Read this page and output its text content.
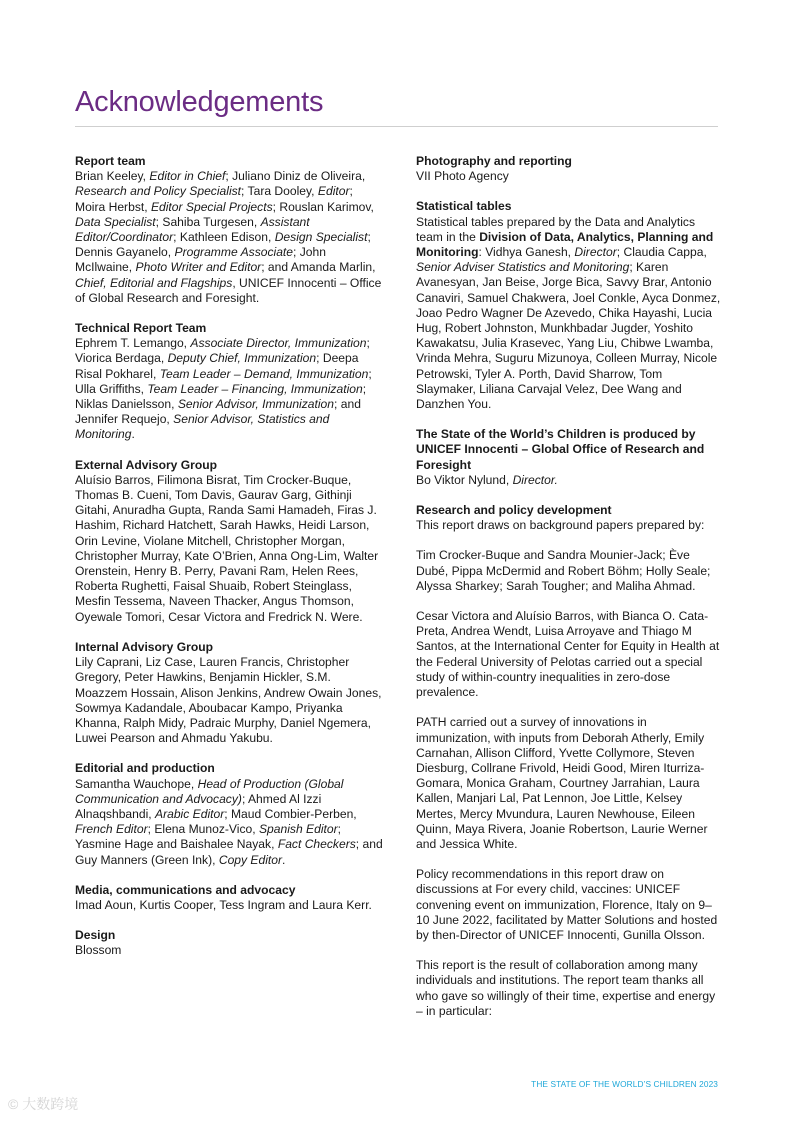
Acknowledgements
Report team
Brian Keeley, Editor in Chief; Juliano Diniz de Oliveira, Research and Policy Specialist; Tara Dooley, Editor; Moira Herbst, Editor Special Projects; Rouslan Karimov, Data Specialist; Sahiba Turgesen, Assistant Editor/Coordinator; Kathleen Edison, Design Specialist; Dennis Gayanelo, Programme Associate; John McIlwaine, Photo Writer and Editor; and Amanda Marlin, Chief, Editorial and Flagships, UNICEF Innocenti – Office of Global Research and Foresight.
Technical Report Team
Ephrem T. Lemango, Associate Director, Immunization; Viorica Berdaga, Deputy Chief, Immunization; Deepa Risal Pokharel, Team Leader – Demand, Immunization; Ulla Griffiths, Team Leader – Financing, Immunization; Niklas Danielsson, Senior Advisor, Immunization; and Jennifer Requejo, Senior Advisor, Statistics and Monitoring.
External Advisory Group
Aluísio Barros, Filimona Bisrat, Tim Crocker-Buque, Thomas B. Cueni, Tom Davis, Gaurav Garg, Githinji Gitahi, Anuradha Gupta, Randa Sami Hamadeh, Firas J. Hashim, Richard Hatchett, Sarah Hawks, Heidi Larson, Orin Levine, Violane Mitchell, Christopher Morgan, Christopher Murray, Kate O’Brien, Anna Ong-Lim, Walter Orenstein, Henry B. Perry, Pavani Ram, Helen Rees, Roberta Rughetti, Faisal Shuaib, Robert Steinglass, Mesfin Tessema, Naveen Thacker, Angus Thomson, Oyewale Tomori, Cesar Victora and Fredrick N. Were.
Internal Advisory Group
Lily Caprani, Liz Case, Lauren Francis, Christopher Gregory, Peter Hawkins, Benjamin Hickler, S.M. Moazzem Hossain, Alison Jenkins, Andrew Owain Jones, Sowmya Kadandale, Aboubacar Kampo, Priyanka Khanna, Ralph Midy, Padraic Murphy, Daniel Ngemera, Luwei Pearson and Ahmadu Yakubu.
Editorial and production
Samantha Wauchope, Head of Production (Global Communication and Advocacy); Ahmed Al Izzi Alnaqshbandi, Arabic Editor; Maud Combier-Perben, French Editor; Elena Munoz-Vico, Spanish Editor; Yasmine Hage and Baishalee Nayak, Fact Checkers; and Guy Manners (Green Ink), Copy Editor.
Media, communications and advocacy
Imad Aoun, Kurtis Cooper, Tess Ingram and Laura Kerr.
Design
Blossom
Photography and reporting
VII Photo Agency
Statistical tables
Statistical tables prepared by the Data and Analytics team in the Division of Data, Analytics, Planning and Monitoring: Vidhya Ganesh, Director; Claudia Cappa, Senior Adviser Statistics and Monitoring; Karen Avanesyan, Jan Beise, Jorge Bica, Savvy Brar, Antonio Canaviri, Samuel Chakwera, Joel Conkle, Ayca Donmez, Joao Pedro Wagner De Azevedo, Chika Hayashi, Lucia Hug, Robert Johnston, Munkhbadar Jugder, Yoshito Kawakatsu, Julia Krasevec, Yang Liu, Chibwe Lwamba, Vrinda Mehra, Suguru Mizunoya, Colleen Murray, Nicole Petrowski, Tyler A. Porth, David Sharrow, Tom Slaymaker, Liliana Carvajal Velez, Dee Wang and Danzhen You.
The State of the World’s Children is produced by UNICEF Innocenti – Global Office of Research and Foresight
Bo Viktor Nylund, Director.
Research and policy development
This report draws on background papers prepared by:
Tim Crocker-Buque and Sandra Mounier-Jack; Ève Dubé, Pippa McDermid and Robert Böhm; Holly Seale; Alyssa Sharkey; Sarah Tougher; and Maliha Ahmad.
Cesar Victora and Aluísio Barros, with Bianca O. Cata-Preta, Andrea Wendt, Luisa Arroyave and Thiago M Santos, at the International Center for Equity in Health at the Federal University of Pelotas carried out a special study of within-country inequalities in zero-dose prevalence.
PATH carried out a survey of innovations in immunization, with inputs from Deborah Atherly, Emily Carnahan, Allison Clifford, Yvette Collymore, Steven Diesburg, Collrane Frivold, Heidi Good, Miren Iturriza-Gomara, Monica Graham, Courtney Jarrahian, Laura Kallen, Manjari Lal, Pat Lennon, Joe Little, Kelsey Mertes, Mercy Mvundura, Lauren Newhouse, Eileen Quinn, Maya Rivera, Joanie Robertson, Laurie Werner and Jessica White.
Policy recommendations in this report draw on discussions at For every child, vaccines: UNICEF convening event on immunization, Florence, Italy on 9–10 June 2022, facilitated by Matter Solutions and hosted by then-Director of UNICEF Innocenti, Gunilla Olsson.
This report is the result of collaboration among many individuals and institutions. The report team thanks all who gave so willingly of their time, expertise and energy – in particular:
THE STATE OF THE WORLD’S CHILDREN 2023
© 大数跨境
